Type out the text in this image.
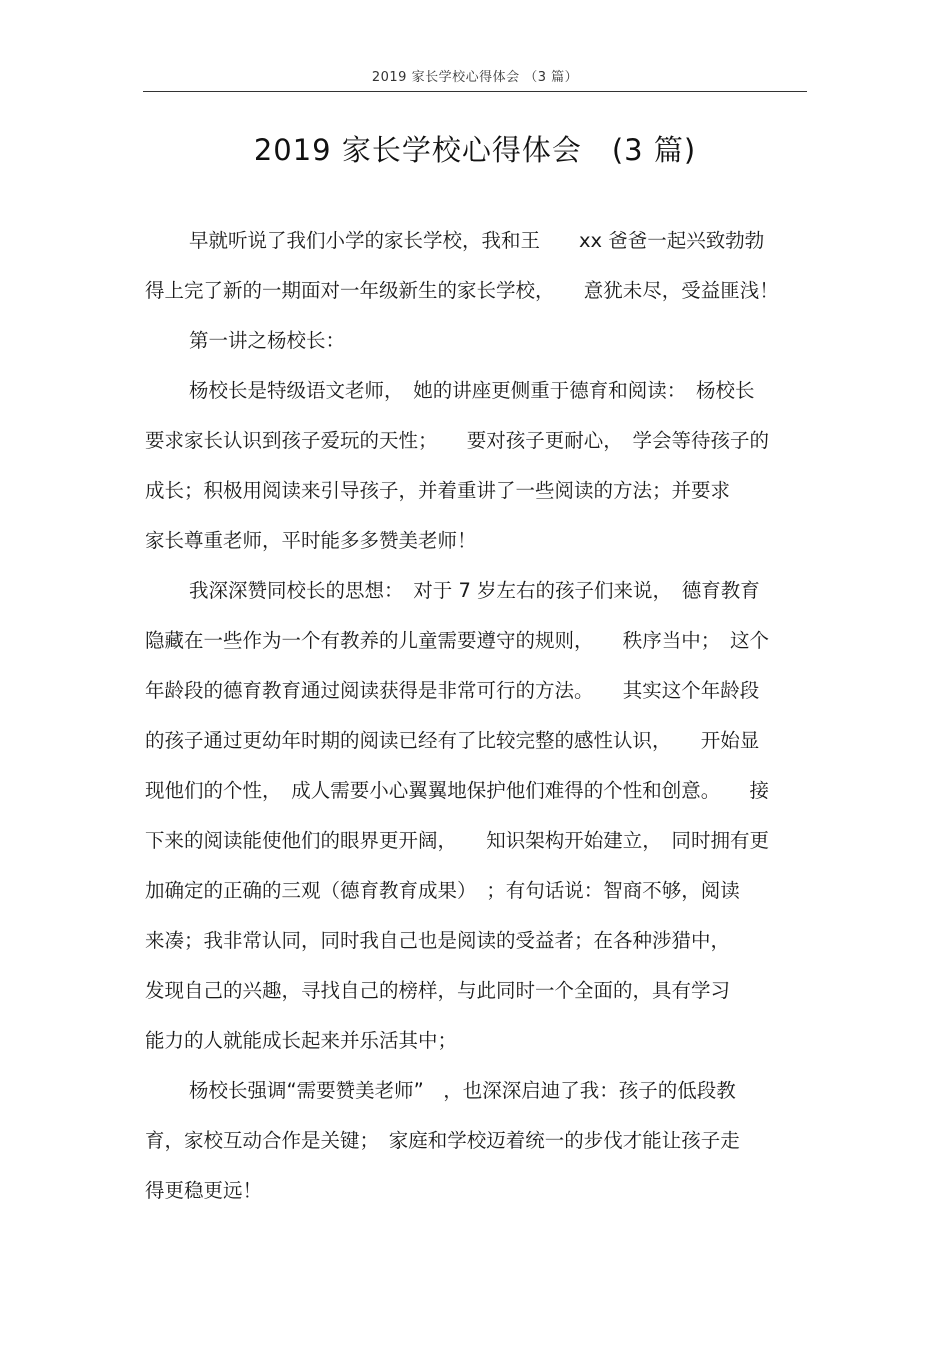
2019 家长学校心得体会 （3 篇）
2019 家长学校心得体会　(3 篇)
早就听说了我们小学的家长学校，我和王　　xx 爸爸一起兴致勃勃
得上完了新的一期面对一年级新生的家长学校，　　意犹未尽，受益匪浅！
第一讲之杨校长：
杨校长是特级语文老师，　她的讲座更侧重于德育和阅读：　杨校长
要求家长认识到孩子爱玩的天性；　　要对孩子更耐心，　学会等待孩子的
成长；积极用阅读来引导孩子，并着重讲了一些阅读的方法；并要求
家长尊重老师，平时能多多赞美老师！
我深深赞同校长的思想：　对于 7 岁左右的孩子们来说，　德育教育
隐藏在一些作为一个有教养的儿童需要遵守的规则，　　秩序当中；　这个
年龄段的德育教育通过阅读获得是非常可行的方法。　　其实这个年龄段
的孩子通过更幼年时期的阅读已经有了比较完整的感性认识，　　开始显
现他们的个性，　成人需要小心翼翼地保护他们难得的个性和创意。　　接
下来的阅读能使他们的眼界更开阔，　　知识架构开始建立，　同时拥有更
加确定的正确的三观（德育教育成果）　；有句话说：智商不够，阅读
来凑；我非常认同，同时我自己也是阅读的受益者；在各种涉猎中，
发现自己的兴趣，寻找自己的榜样，与此同时一个全面的，具有学习
能力的人就能成长起来并乐活其中；
杨校长强调“需要赞美老师”　，也深深启迪了我：孩子的低段教
育，家校互动合作是关键；　家庭和学校迈着统一的步伐才能让孩子走
得更稳更远！
